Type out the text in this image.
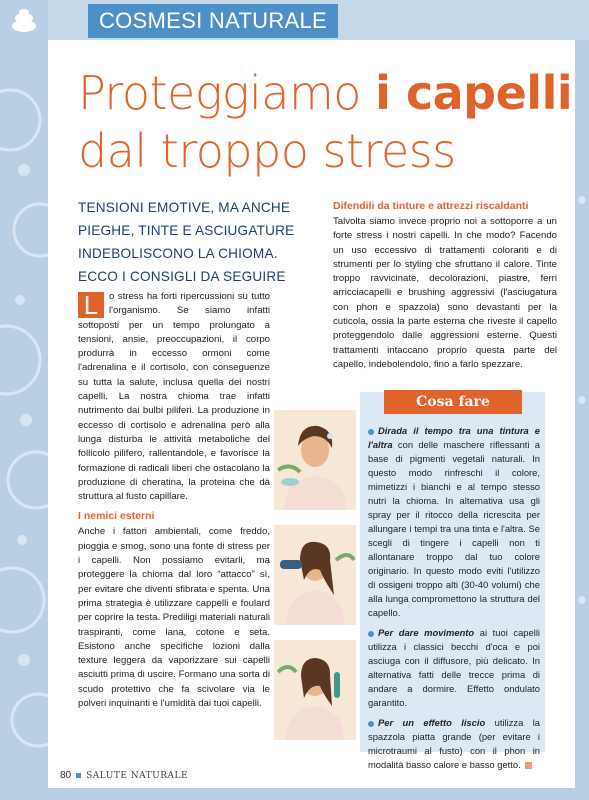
COSMESI NATURALE
Proteggiamo i capelli
dal troppo stress

TENSIONI EMOTIVE, MA ANCHE PIEGHE, TINTE E ASCIUGATURE INDEBOLISCONO LA CHIOMA. ECCO I CONSIGLI DA SEGUIRE

L	o stress ha forti ripercussioni su tutto l'organismo. Se siamo infatti sottoposti per un tempo prolungato a tensioni, ansie, preoccupazioni, il corpo produrrà in eccesso ormoni come l'adrenalina e il cortisolo, con conseguenze su tutta la salute, inclusa quella dei nostri capelli. La nostra chioma trae infatti nutrimento dai bulbi piliferi. La produzione in eccesso di cortisolo e adrenalina però alla lunga disturba le attività metaboliche del follicolo pilifero, rallentandole, e favorisce la formazione di radicali liberi che ostacolano la produzione di cheratina, la proteina che dà struttura al fusto capillare.

I nemici esterni

Anche i fattori ambientali, come freddo, pioggia e smog, sono una fonte di stress per i capelli. Non possiamo evitarli, ma proteggere la chioma dal loro “attacco” sì, per evitare che diventi sfibrata e spenta. Una prima strategia è utilizzare cappelli e foulard per coprire la testa. Prediligi materiali naturali traspiranti, come lana, cotone e seta. Esistono anche specifiche lozioni dalla texture leggera da vaporizzare sui capelli asciutti prima di uscire. Formano una sorta di scudo protettivo che fa scivolare via le polveri inquinanti e l'umidità dai tuoi capelli.

Difendili da tinture e attrezzi riscaldanti

Talvolta siamo invece proprio noi a sottoporre a un forte stress i nostri capelli. In che modo? Facendo un uso eccessivo di trattamenti coloranti e di strumenti per lo styling che sfruttano il calore. Tinte troppo ravvicinate, decolorazioni, piastre, ferri arricciacapelli e brushing aggressivi (l'asciugatura con phon e spazzola) sono devastanti per la cuticola, ossia la parte esterna che riveste il capello proteggendolo dalle aggressioni esterne. Questi trattamenti intaccano proprio questa parte del capello, indebolendolo, fino a farlo spezzare.

Cosa fare

Dirada il tempo tra una tintura e l'altra con delle maschere riflessanti a base di pigmenti vegetali naturali. In questo modo rinfreschi il colore, mimetizzi i bianchi e al tempo stesso nutri la chioma. In alternativa usa gli spray per il ritocco della ricrescita per allungare i tempi tra una tinta e l'altra. Se scegli di tingere i capelli non ti allontanare troppo dal tuo colore originario. In questo modo eviti l'utilizzo di ossigeni troppo alti (30-40 volumi) che alla lunga compromettono la struttura del capello.

Per dare movimento ai tuoi capelli utilizza i classici becchi d'oca e poi asciuga con il diffusore, più delicato. In alternativa fatti delle trecce prima di andare a dormire. Effetto ondulato garantito.

Per un effetto liscio utilizza la spazzola piatta grande (per evitare i microtraumi al fusto) con il phon in modalità basso calore e basso getto.

80 SALUTE NATURALE
